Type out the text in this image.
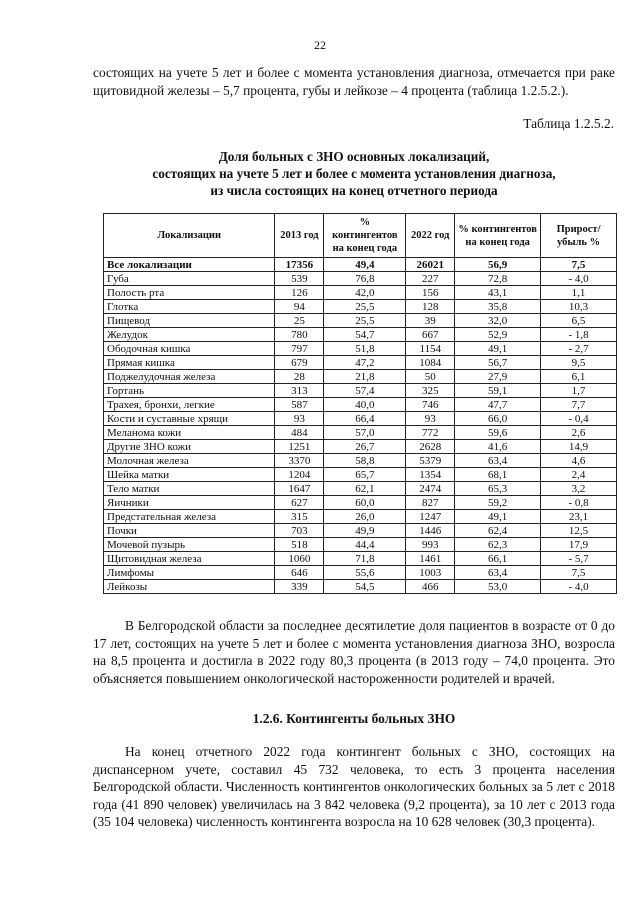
22

состоящих на учете 5 лет и более с момента установления диагноза, отмечается при раке щитовидной железы – 5,7 процента, губы и лейкозе – 4 процента (таблица 1.2.5.2.).

Таблица 1.2.5.2.
Доля больных с ЗНО основных локализаций,
состоящих на учете 5 лет и более с момента установления диагноза,
из числа состоящих на конец отчетного периода
Локализации	2013 год	% контингентов на конец года	2022 год	% контингентов на конец года	Прирост/ убыль %
Все локализации	17356	49,4	26021	56,9	7,5
Губа	539	76,8	227	72,8	- 4,0
Полость рта	126	42,0	156	43,1	1,1
Глотка	94	25,5	128	35,8	10,3
Пищевод	25	25,5	39	32,0	6,5
Желудок	780	54,7	667	52,9	- 1,8
Ободочная кишка	797	51,8	1154	49,1	- 2,7
Прямая кишка	679	47,2	1084	56,7	9,5
Поджелудочная железа	28	21,8	50	27,9	6,1
Гортань	313	57,4	325	59,1	1,7
Трахея, бронхи, легкие	587	40,0	746	47,7	7,7
Кости и суставные хрящи	93	66,4	93	66,0	- 0,4
Меланома кожи	484	57,0	772	59,6	2,6
Другие ЗНО кожи	1251	26,7	2628	41,6	14,9
Молочная железа	3370	58,8	5379	63,4	4,6
Шейка матки	1204	65,7	1354	68,1	2,4
Тело матки	1647	62,1	2474	65,3	3,2
Яичники	627	60,0	827	59,2	- 0,8
Предстательная железа	315	26,0	1247	49,1	23,1
Почки	703	49,9	1446	62,4	12,5
Мочевой пузырь	518	44,4	993	62,3	17,9
Щитовидная железа	1060	71,8	1461	66,1	- 5,7
Лимфомы	646	55,6	1003	63,4	7,5
Лейкозы	339	54,5	466	53,0	- 4,0

В Белгородской области за последнее десятилетие доля пациентов в возрасте от 0 до 17 лет, состоящих на учете 5 лет и более с момента установления диагноза ЗНО, возросла на 8,5 процента и достигла в 2022 году 80,3 процента (в 2013 году – 74,0 процента. Это объясняется повышением онкологической настороженности родителей и врачей.

1.2.6. Контингенты больных ЗНО

На конец отчетного 2022 года контингент больных с ЗНО, состоящих на диспансерном учете, составил 45 732 человека, то есть 3 процента населения Белгородской области. Численность контингентов онкологических больных за 5 лет с 2018 года (41 890 человек) увеличилась на 3 842 человека (9,2 процента), за 10 лет с 2013 года (35 104 человека) численность контингента возросла на 10 628 человек (30,3 процента).
